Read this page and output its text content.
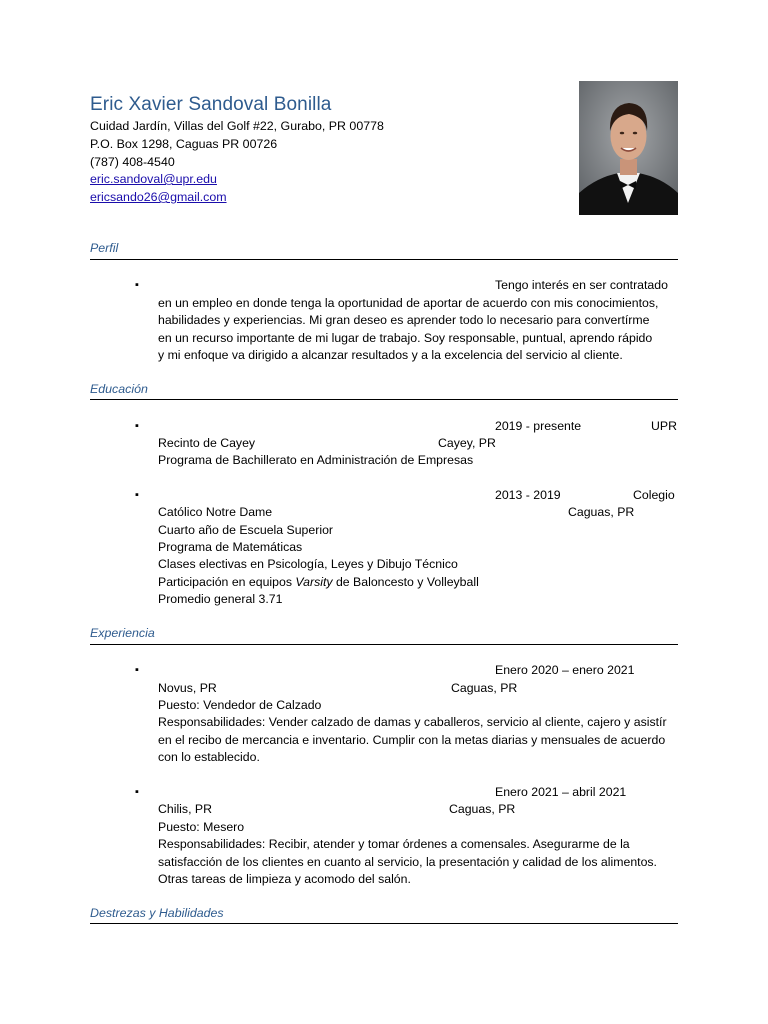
Eric Xavier Sandoval Bonilla
Cuidad Jardín, Villas del Golf #22, Gurabo, PR 00778
P.O. Box 1298, Caguas PR 00726
(787) 408-4540
eric.sandoval@upr.edu
ericsando26@gmail.com
Perfil
▪	Tengo interés en ser contratado
en un empleo en donde tenga la oportunidad de aportar de acuerdo con mis conocimientos,
habilidades y experiencias. Mi gran deseo es aprender todo lo necesario para convertírme
en un recurso importante de mi lugar de trabajo. Soy responsable, puntual, aprendo rápido
y mi enfoque va dirigido a alcanzar resultados y a la excelencia del servicio al cliente.
Educación
▪	2019 - presente	UPR
Recinto de Cayey	Cayey, PR
Programa de Bachillerato en Administración de Empresas
▪	2013 - 2019	Colegio
Católico Notre Dame	Caguas, PR
Cuarto año de Escuela Superior
Programa de Matemáticas
Clases electivas en Psicología, Leyes y Dibujo Técnico
Participación en equipos Varsity de Baloncesto y Volleyball
Promedio general 3.71
Experiencia
▪	Enero 2020 – enero 2021
Novus, PR	Caguas, PR
Puesto: Vendedor de Calzado
Responsabilidades: Vender calzado de damas y caballeros, servicio al cliente, cajero y asistír
en el recibo de mercancia e inventario. Cumplir con la metas diarias y mensuales de acuerdo
con lo establecido.
▪	Enero 2021 – abril 2021
Chilis, PR	Caguas, PR
Puesto: Mesero
Responsabilidades: Recibir, atender y tomar órdenes a comensales. Asegurarme de la
satisfacción de los clientes en cuanto al servicio, la presentación y calidad de los alimentos.
Otras tareas de limpieza y acomodo del salón.
Destrezas y Habilidades
